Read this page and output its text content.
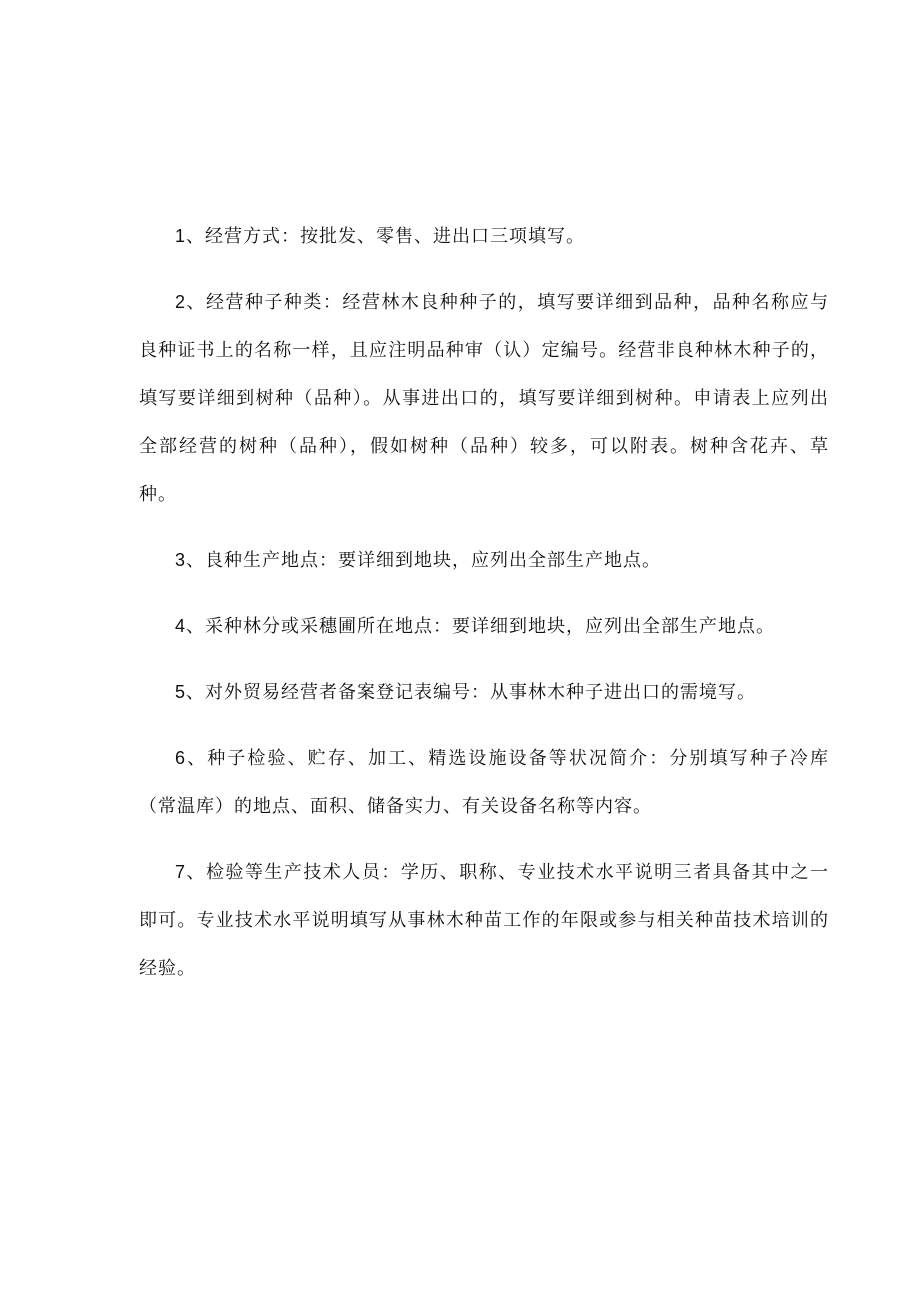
1、经营方式：按批发、零售、进出口三项填写。

2、经营种子种类：经营林木良种种子的，填写要详细到品种，品种名称应与良种证书上的名称一样，且应注明品种审（认）定编号。经营非良种林木种子的，填写要详细到树种（品种）。从事进出口的，填写要详细到树种。申请表上应列出全部经营的树种（品种），假如树种（品种）较多，可以附表。树种含花卉、草种。

3、良种生产地点：要详细到地块，应列出全部生产地点。

4、采种林分或采穗圃所在地点：要详细到地块，应列出全部生产地点。

5、对外贸易经营者备案登记表编号：从事林木种子进出口的需境写。

6、种子检验、贮存、加工、精选设施设备等状况简介：分别填写种子冷库（常温库）的地点、面积、储备实力、有关设备名称等内容。

7、检验等生产技术人员：学历、职称、专业技术水平说明三者具备其中之一即可。专业技术水平说明填写从事林木种苗工作的年限或参与相关种苗技术培训的经验。
